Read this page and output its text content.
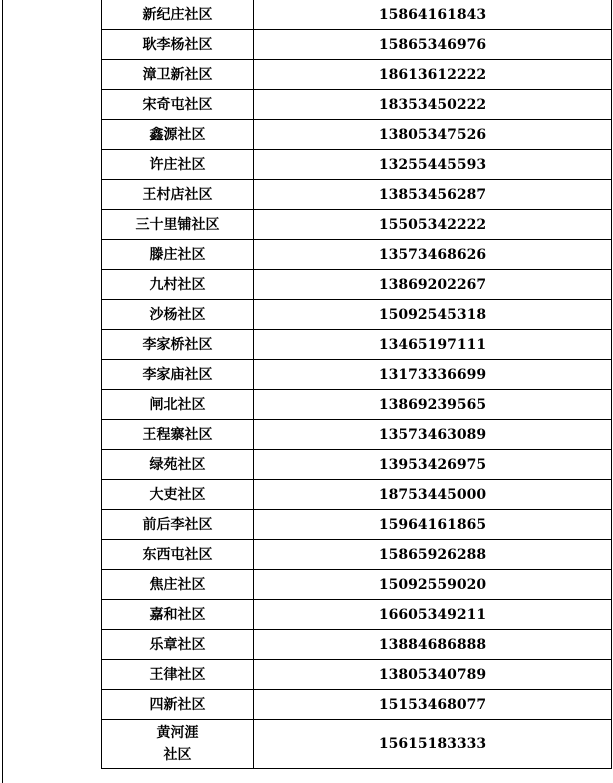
新纪庄社区	15864161843
耿李杨社区	15865346976
漳卫新社区	18613612222
宋奇屯社区	18353450222
鑫源社区	13805347526
许庄社区	13255445593
王村店社区	13853456287
三十里铺社区	15505342222
滕庄社区	13573468626
九村社区	13869202267
沙杨社区	15092545318
李家桥社区	13465197111
李家庙社区	13173336699
闸北社区	13869239565
王程寨社区	13573463089
绿苑社区	13953426975
大吏社区	18753445000
前后李社区	15964161865
东西屯社区	15865926288
焦庄社区	15092559020
嘉和社区	16605349211
乐章社区	13884686888
王律社区	13805340789
四新社区	15153468077
黄河涯
社区	15615183333
